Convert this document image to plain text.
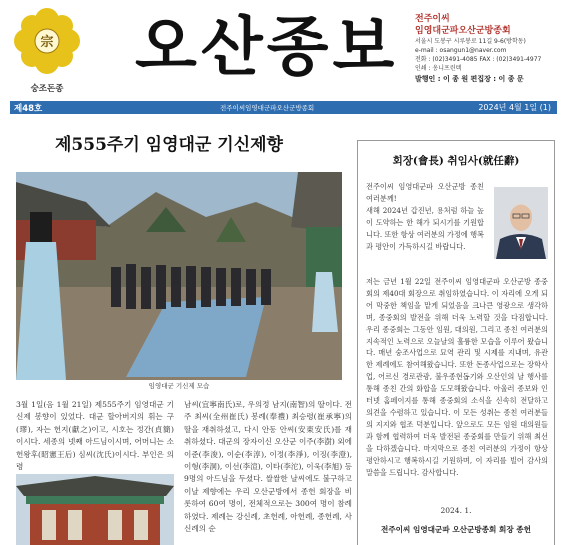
宗
숭조돈종
오산종보	전주이씨
임영대군파오산군방종회
서울시 도봉구 시루봉로 11길 9-6(방학동)
e-mail : osangun1@naver.com
전화 : (02)3491-4085 FAX : (02)3491-4977
인쇄 : 옹니프린텍
발행인 : 이 종 원 편집장 : 이 종 문
제48호	전주이씨임영대군파오산군방종회	2024년 4월 1일 (1)
제555주기 임영대군 기신제향
임영대군 기신제 모습
3월 1일(음 1월 21일) 제555주기 임영대군 기신제 봉향이 있었다. 대군 할아버지의 휘는 구(璆), 자는 헌지(獻之)이고, 시호는 정간(貞簡)이시다. 세종의 넷째 아드님이시며, 어머니는 소헌왕후(昭憲王后) 심씨(沈氏)이시다. 부인은 의령
남씨(宜寧南氏)로, 우의정 남지(南智)의 딸이다. 전주 최씨(全州崔氏) 봉례(奉禮) 최승령(崔承寧)의 딸을 재취하셨고, 다시 안동 안씨(安東安氏)를 재취하셨다. 대군의 장자이신 오산군 이주(李澍) 외에 이준(李浚), 이순(李淳), 이정(李淨), 이징(李澄), 이형(李洞), 이선(李渲), 이타(李沱), 이욱(李旭) 등 9명의 아드님을 두셨다. 쌀쌀한 날씨에도 불구하고 이날 제향에는 우리 오산군방에서 종헌 회장을 비롯하여 60여 명이, 전체적으로는 300여 명이 참례하였다. 제례는 강신례, 초헌례, 아헌례, 종헌례, 사신례의 순
회장(會長) 취임사(就任辭)
전주이씨 임영대군파 오산군방 종친 여러분께!
새해 2024년 갑진년, 용처럼 하늘 높이 도약하는 한 해가 되시기를 기원합니다. 또한 항상 여러분의 가정에 행복과 평안이 가득하시길 바랍니다.
저는 금년 1월 22일 전주이씨 임영대군파 오산군방 종중회의 제40대 회장으로 취임하였습니다. 이 자리에 오게 되어 막중한 책임을 맡게 되었음을 크나큰 영광으로 생각하며, 종중회의 발전을 위해 더욱 노력할 것을 다짐합니다. 우리 종중회는 그동안 임원, 대의원, 그리고 종친 여러분의 지속적인 노력으로 오늘날의 훌륭한 모습을 이루어 왔습니다. 매년 숭조사업으로 묘역 관리 및 시제를 지내며, 유관한 제례에도 참여해왔습니다. 또한 돈종사업으로는 장학사업, 어르신 경로관광, 불우종현돕기와 오산인의 날 행사를 통해 종친 간의 화합을 도모해왔습니다. 아울러 종보와 인터넷 홈페이지를 통해 종중회의 소식을 신속히 전달하고 의견을 수렴하고 있습니다. 이 모든 성취는 종친 여러분들의 지지와 협조 덕분입니다. 앞으로도 모든 임원 대의원들과 함께 협력하여 더욱 발전된 종중회를 만들기 위해 최선을 다하겠습니다. 마지막으로 종친 여러분의 가정이 항상 평안하시고 행복하시길 기원하며, 이 자리를 빌어 감사의 말씀을 드립니다. 감사합니다.
2024. 1.
전주이씨 임영대군파 오산군방종회 회장 종헌
